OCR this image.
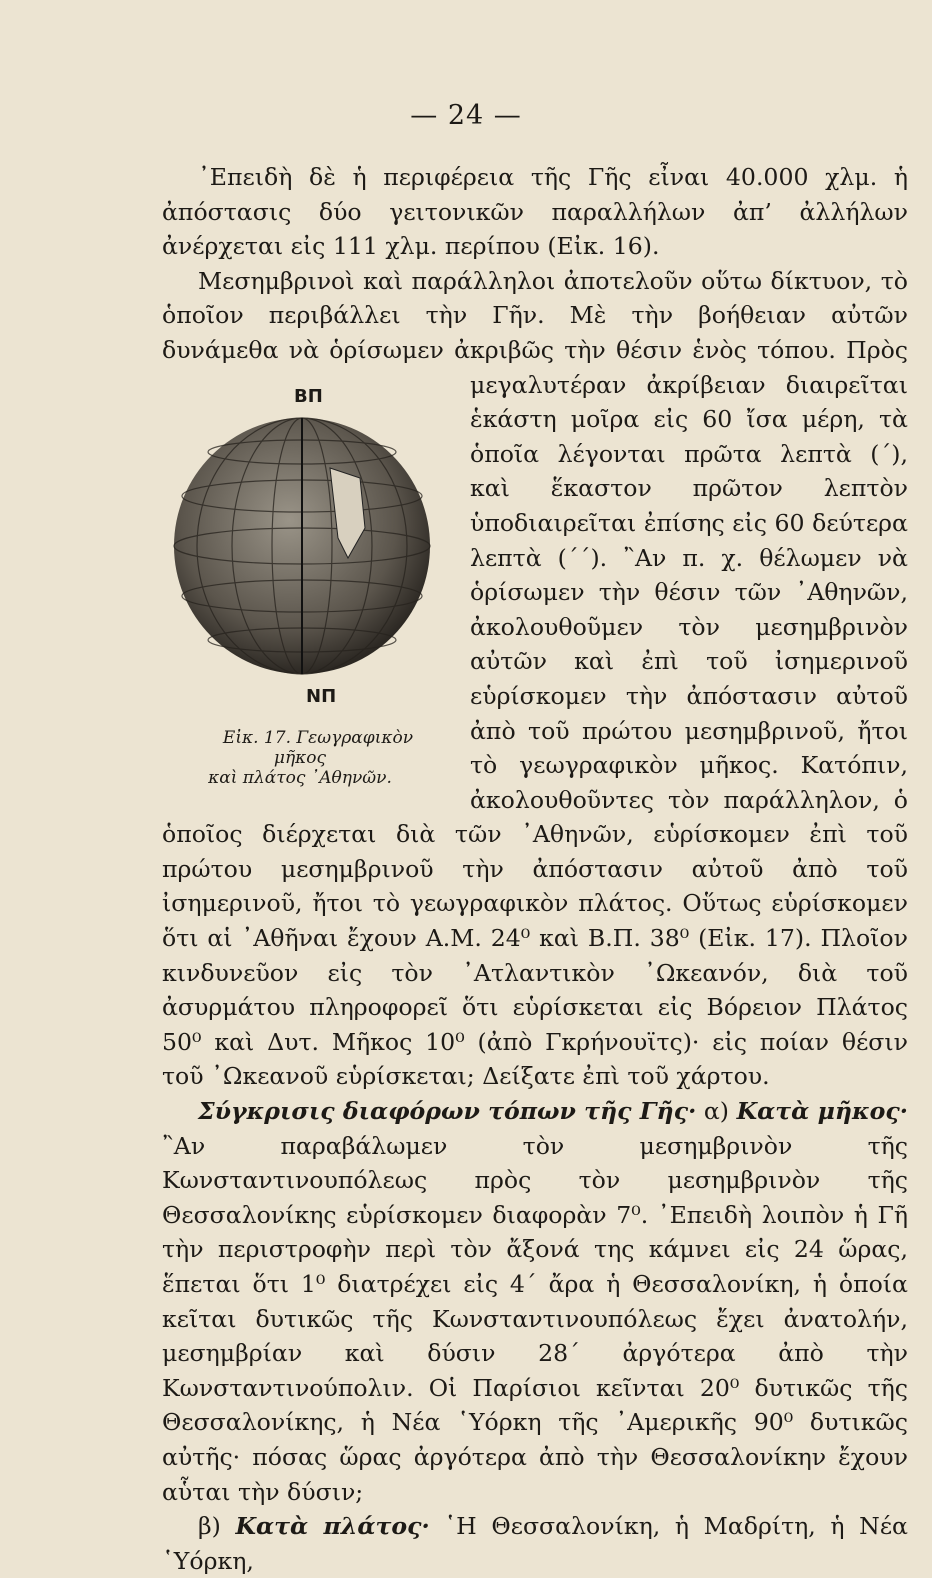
— 24 —

᾿Επειδὴ δὲ ἡ περιφέρεια τῆς Γῆς εἶναι 40.000 χλμ. ἡ ἀπόστασις δύο γειτονικῶν παραλλήλων ἀπ’ ἀλλήλων ἀνέρχεται εἰς 111 χλμ. περίπου (Εἰκ. 16).

Μεσημβρινοὶ καὶ παράλληλοι ἀποτελοῦν οὕτω δίκτυον, τὸ ὁποῖον περιβάλλει τὴν Γῆν. Μὲ τὴν βοήθειαν αὐτῶν δυνάμεθα νὰ ὁρίσωμεν ἀκριβῶς τὴν θέσιν ἑνὸς τόπου. Πρὸς μεγαλυτέραν
ΒΠ
ΝΠ
Εἰκ. 17. Γεωγραφικὸν μῆκος
καὶ πλάτος ᾿Αθηνῶν.
ἀκρίβειαν διαιρεῖται ἑκάστη μοῖρα εἰς 60 ἴσα μέρη, τὰ ὁποῖα λέγονται πρῶτα λεπτὰ (΄), καὶ ἕκαστον πρῶτον λεπτὸν ὑποδιαιρεῖται ἐπίσης εἰς 60 δεύτερα λεπτὰ (΄΄). ῍Αν π. χ. θέλωμεν νὰ ὁρίσωμεν τὴν θέσιν τῶν ᾿Αθηνῶν, ἀκολουθοῦμεν τὸν μεσημβρινὸν αὐτῶν καὶ ἐπὶ τοῦ ἰσημερινοῦ εὑρίσκομεν τὴν ἀπόστασιν αὐτοῦ ἀπὸ τοῦ πρώτου μεσημβρινοῦ, ἤτοι τὸ γεωγραφικὸν μῆκος. Κατόπιν, ἀκολουθοῦντες τὸν παράλληλον, ὁ ὁποῖος διέρχεται διὰ τῶν ᾿Αθηνῶν, εὑρίσκομεν ἐπὶ τοῦ πρώτου μεσημβρινοῦ τὴν ἀπόστασιν αὐτοῦ ἀπὸ τοῦ ἰσημερινοῦ, ἤτοι τὸ γεωγραφικὸν πλάτος. Οὕτως εὑρίσκομεν ὅτι αἱ ᾿Αθῆναι ἔχουν Α.Μ. 24⁰ καὶ Β.Π. 38⁰ (Εἰκ. 17). Πλοῖον κινδυνεῦον εἰς τὸν ᾿Ατλαντικὸν ᾿Ωκεανόν, διὰ τοῦ ἀσυρμάτου πληροφορεῖ ὅτι εὑρίσκεται εἰς Βόρειον Πλάτος 50⁰ καὶ Δυτ. Μῆκος 10⁰ (ἀπὸ Γκρήνουϊτς)· εἰς ποίαν θέσιν τοῦ ᾿Ωκεανοῦ εὑρίσκεται; Δείξατε ἐπὶ τοῦ χάρτου.

Σύγκρισις διαφόρων τόπων τῆς Γῆς· α) Κατὰ μῆκος· ῍Αν παραβάλωμεν τὸν μεσημβρινὸν τῆς Κωνσταντινουπόλεως πρὸς τὸν μεσημβρινὸν τῆς Θεσσαλονίκης εὑρίσκομεν διαφορὰν 7⁰. ᾿Επειδὴ λοιπὸν ἡ Γῆ τὴν περιστροφὴν περὶ τὸν ἄξονά της κάμνει εἰς 24 ὥρας, ἕπεται ὅτι 1⁰ διατρέχει εἰς 4΄ ἄρα ἡ Θεσσαλονίκη, ἡ ὁποία κεῖται δυτικῶς τῆς Κωνσταντινουπόλεως ἔχει ἀνατολήν, μεσημβρίαν καὶ δύσιν 28΄ ἀργότερα ἀπὸ τὴν Κωνσταντινούπολιν. Οἱ Παρίσιοι κεῖνται 20⁰ δυτικῶς τῆς Θεσσαλονίκης, ἡ Νέα ῾Υόρκη τῆς ᾿Αμερικῆς 90⁰ δυτικῶς αὐτῆς· πόσας ὥρας ἀργότερα ἀπὸ τὴν Θεσσαλονίκην ἔχουν αὗται τὴν δύσιν;

β) Κατὰ πλάτος· ῾Η Θεσσαλονίκη, ἡ Μαδρίτη, ἡ Νέα ῾Υόρκη,
